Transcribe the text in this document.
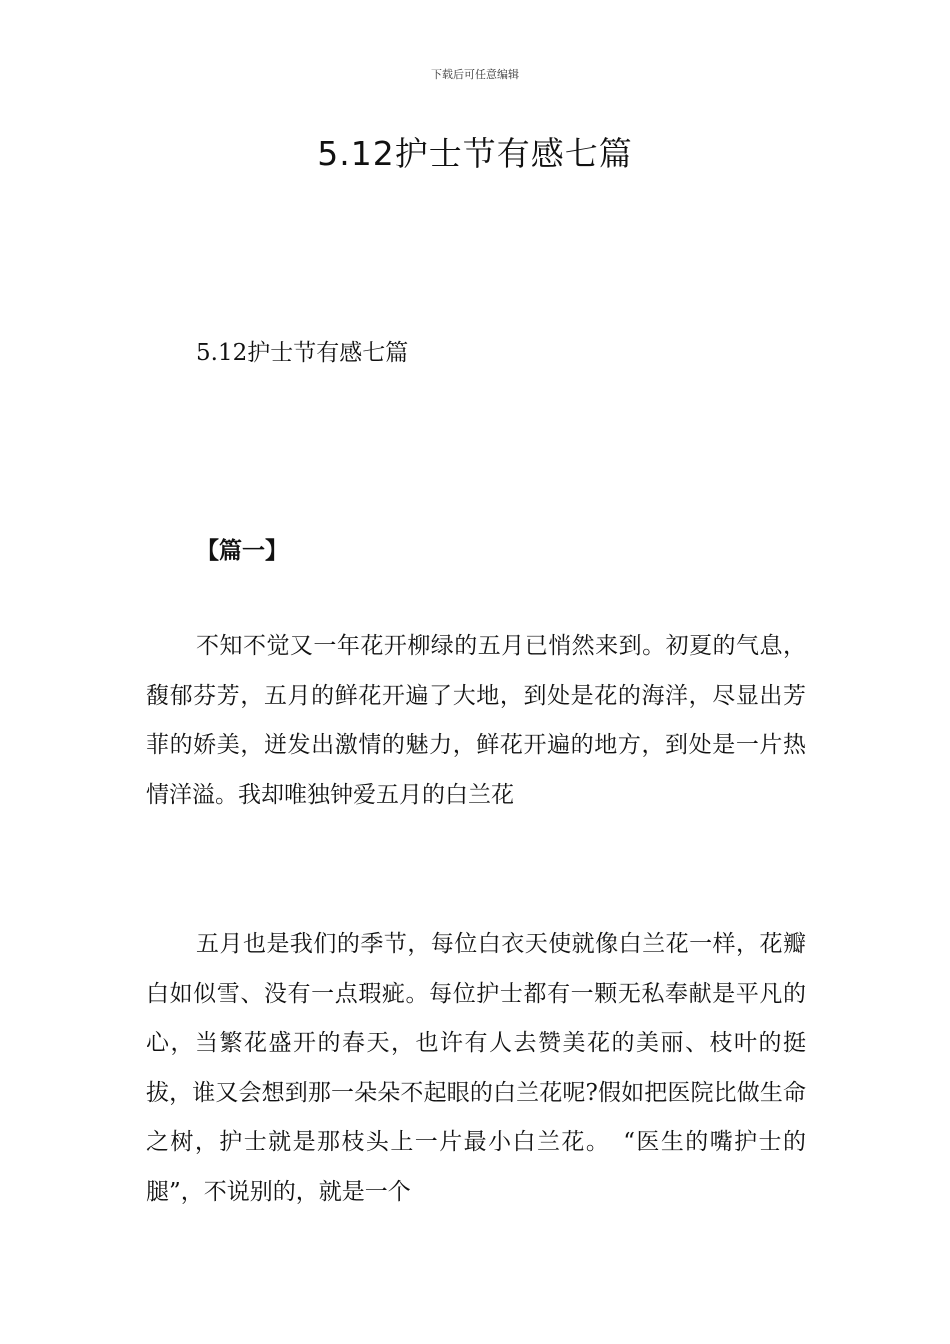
下载后可任意编辑
5.12护士节有感七篇
5.12护士节有感七篇
【篇一】

不知不觉又一年花开柳绿的五月已悄然来到。初夏的气息，馥郁芬芳，五月的鲜花开遍了大地，到处是花的海洋，尽显出芳菲的娇美，迸发出激情的魅力，鲜花开遍的地方，到处是一片热情洋溢。我却唯独钟爱五月的白兰花

五月也是我们的季节，每位白衣天使就像白兰花一样，花瓣白如似雪、没有一点瑕疵。每位护士都有一颗无私奉献是平凡的心，当繁花盛开的春天，也许有人去赞美花的美丽、枝叶的挺拔，谁又会想到那一朵朵不起眼的白兰花呢?假如把医院比做生命之树，护士就是那枝头上一片最小白兰花。　“医生的嘴护士的腿”，不说别的，就是一个
